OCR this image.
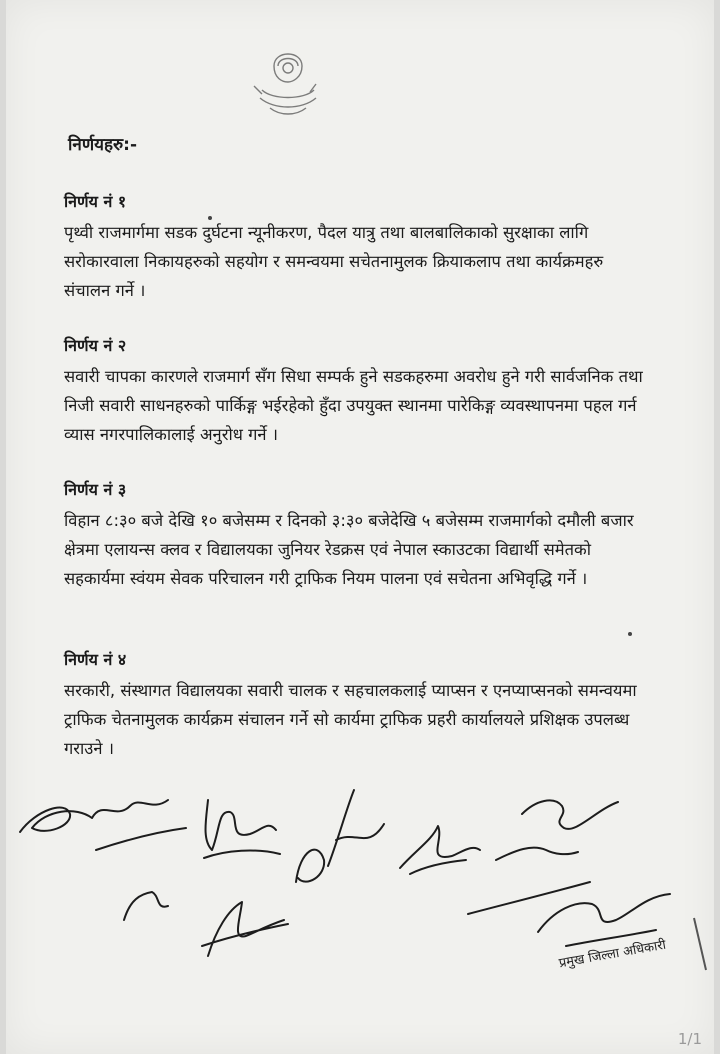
निर्णयहरु:-
निर्णय नं १
पृथ्वी राजमार्गमा सडक दुर्घटना न्यूनीकरण, पैदल यात्रु तथा बालबालिकाको सुरक्षाका लागि सरोकारवाला निकायहरुको सहयोग र समन्वयमा सचेतनामुलक क्रियाकलाप तथा कार्यक्रमहरु संचालन गर्ने ।
निर्णय नं २
सवारी चापका कारणले राजमार्ग सँग सिधा सम्पर्क हुने सडकहरुमा अवरोध हुने गरी सार्वजनिक तथा निजी सवारी साधनहरुको पार्किङ्ग भईरहेको हुँदा उपयुक्त स्थानमा पारेकिङ्ग व्यवस्थापनमा पहल गर्न व्यास नगरपालिकालाई अनुरोध गर्ने ।
निर्णय नं ३
विहान ८:३० बजे देखि १० बजेसम्म र दिनको ३:३० बजेदेखि ५ बजेसम्म राजमार्गको दमौली बजार क्षेत्रमा एलायन्स क्लव र विद्यालयका जुनियर रेडक्रस एवं नेपाल स्काउटका विद्यार्थी समेतको सहकार्यमा स्वंयम सेवक परिचालन गरी ट्राफिक नियम पालना एवं सचेतना अभिवृद्धि गर्ने ।
निर्णय नं ४
सरकारी, संस्थागत विद्यालयका सवारी चालक र सहचालकलाई प्याप्सन र एनप्याप्सनको समन्वयमा ट्राफिक चेतनामुलक कार्यक्रम संचालन गर्ने सो कार्यमा ट्राफिक प्रहरी कार्यालयले प्रशिक्षक उपलब्ध गराउने ।
प्रमुख जिल्ला अधिकारी
1/1
